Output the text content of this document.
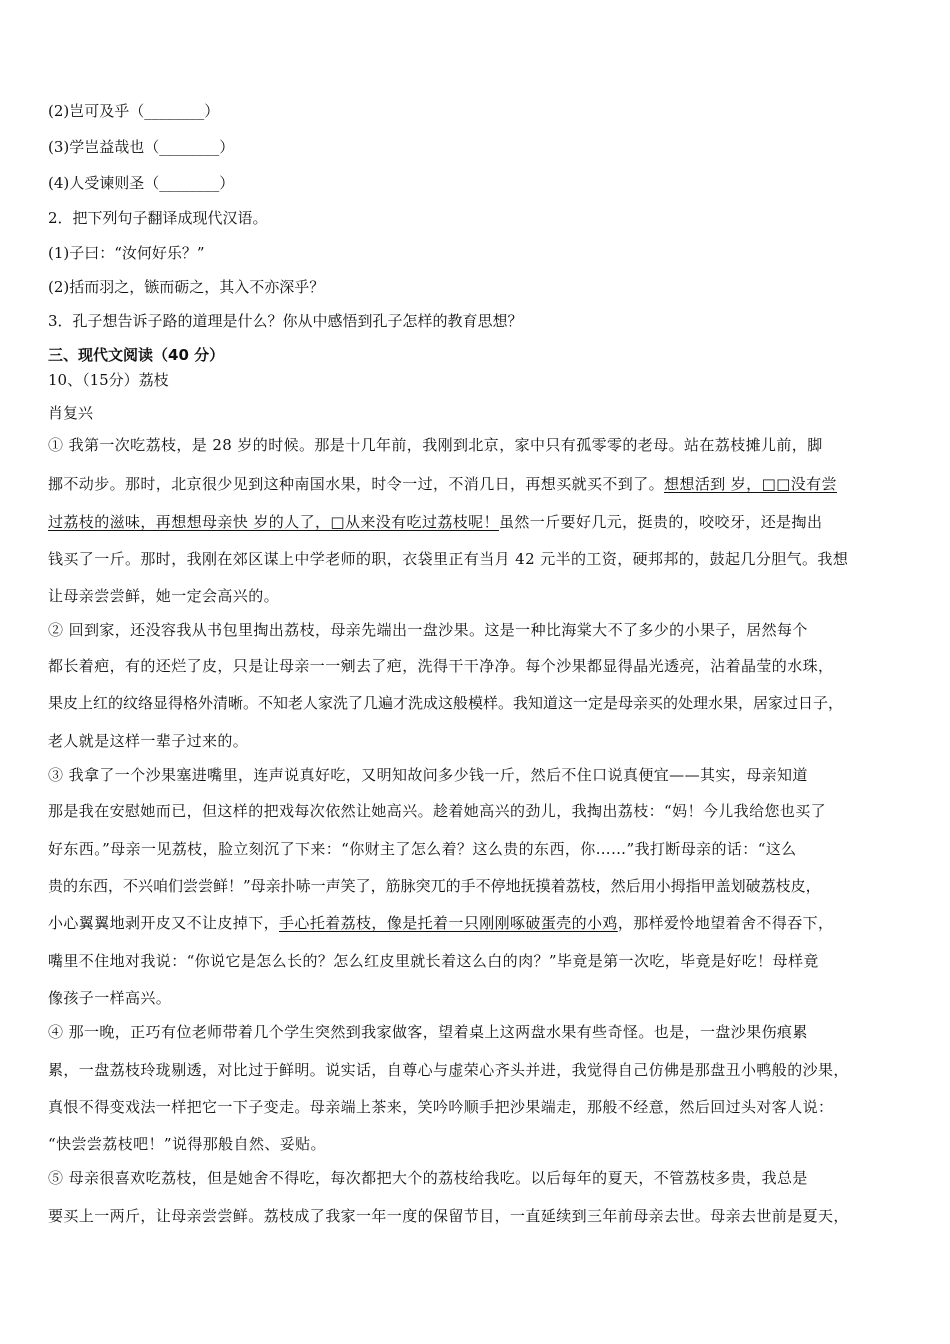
(2)岂可及乎（________）
(3)学岂益哉也（________）
(4)人受谏则圣（________）
2．把下列句子翻译成现代汉语。
(1)子曰：“汝何好乐？”
(2)括而羽之，镞而砺之，其入不亦深乎？
3．孔子想告诉子路的道理是什么？你从中感悟到孔子怎样的教育思想？
三、现代文阅读（40 分）
10、（15分）荔枝
肖复兴
① 我第一次吃荔枝，是 28 岁的时候。那是十几年前，我刚到北京，家中只有孤零零的老母。站在荔枝摊儿前，脚
挪不动步。那时，北京很少见到这种南国水果，时令一过，不消几日，再想买就买不到了。想想活到 岁，□□没有尝
过荔枝的滋味，再想想母亲快 岁的人了，□从来没有吃过荔枝呢！虽然一斤要好几元，挺贵的，咬咬牙，还是掏出
钱买了一斤。那时，我刚在郊区谋上中学老师的职，衣袋里正有当月 42 元半的工资，硬邦邦的，鼓起几分胆气。我想
让母亲尝尝鲜，她一定会高兴的。
② 回到家，还没容我从书包里掏出荔枝，母亲先端出一盘沙果。这是一种比海棠大不了多少的小果子，居然每个
都长着疤，有的还烂了皮，只是让母亲一一剜去了疤，洗得干干净净。每个沙果都显得晶光透亮，沾着晶莹的水珠，
果皮上红的纹络显得格外清晰。不知老人家洗了几遍才洗成这般模样。我知道这一定是母亲买的处理水果，居家过日子，
老人就是这样一辈子过来的。
③ 我拿了一个沙果塞进嘴里，连声说真好吃，又明知故问多少钱一斤，然后不住口说真便宜——其实，母亲知道
那是我在安慰她而已，但这样的把戏每次依然让她高兴。趁着她高兴的劲儿，我掏出荔枝：“妈！今儿我给您也买了
好东西。”母亲一见荔枝，脸立刻沉了下来：“你财主了怎么着？这么贵的东西，你……”我打断母亲的话：“这么
贵的东西，不兴咱们尝尝鲜！”母亲扑哧一声笑了，筋脉突兀的手不停地抚摸着荔枝，然后用小拇指甲盖划破荔枝皮，
小心翼翼地剥开皮又不让皮掉下，手心托着荔枝，像是托着一只刚刚啄破蛋壳的小鸡，那样爱怜地望着舍不得吞下，
嘴里不住地对我说：“你说它是怎么长的？怎么红皮里就长着这么白的肉？”毕竟是第一次吃，毕竟是好吃！母样竟
像孩子一样高兴。
④ 那一晚，正巧有位老师带着几个学生突然到我家做客，望着桌上这两盘水果有些奇怪。也是，一盘沙果伤痕累
累，一盘荔枝玲珑剔透，对比过于鲜明。说实话，自尊心与虚荣心齐头并进，我觉得自己仿佛是那盘丑小鸭般的沙果，
真恨不得变戏法一样把它一下子变走。母亲端上茶来，笑吟吟顺手把沙果端走，那般不经意，然后回过头对客人说：
“快尝尝荔枝吧！”说得那般自然、妥贴。
⑤ 母亲很喜欢吃荔枝，但是她舍不得吃，每次都把大个的荔枝给我吃。以后每年的夏天，不管荔枝多贵，我总是
要买上一两斤，让母亲尝尝鲜。荔枝成了我家一年一度的保留节目，一直延续到三年前母亲去世。母亲去世前是夏天，
